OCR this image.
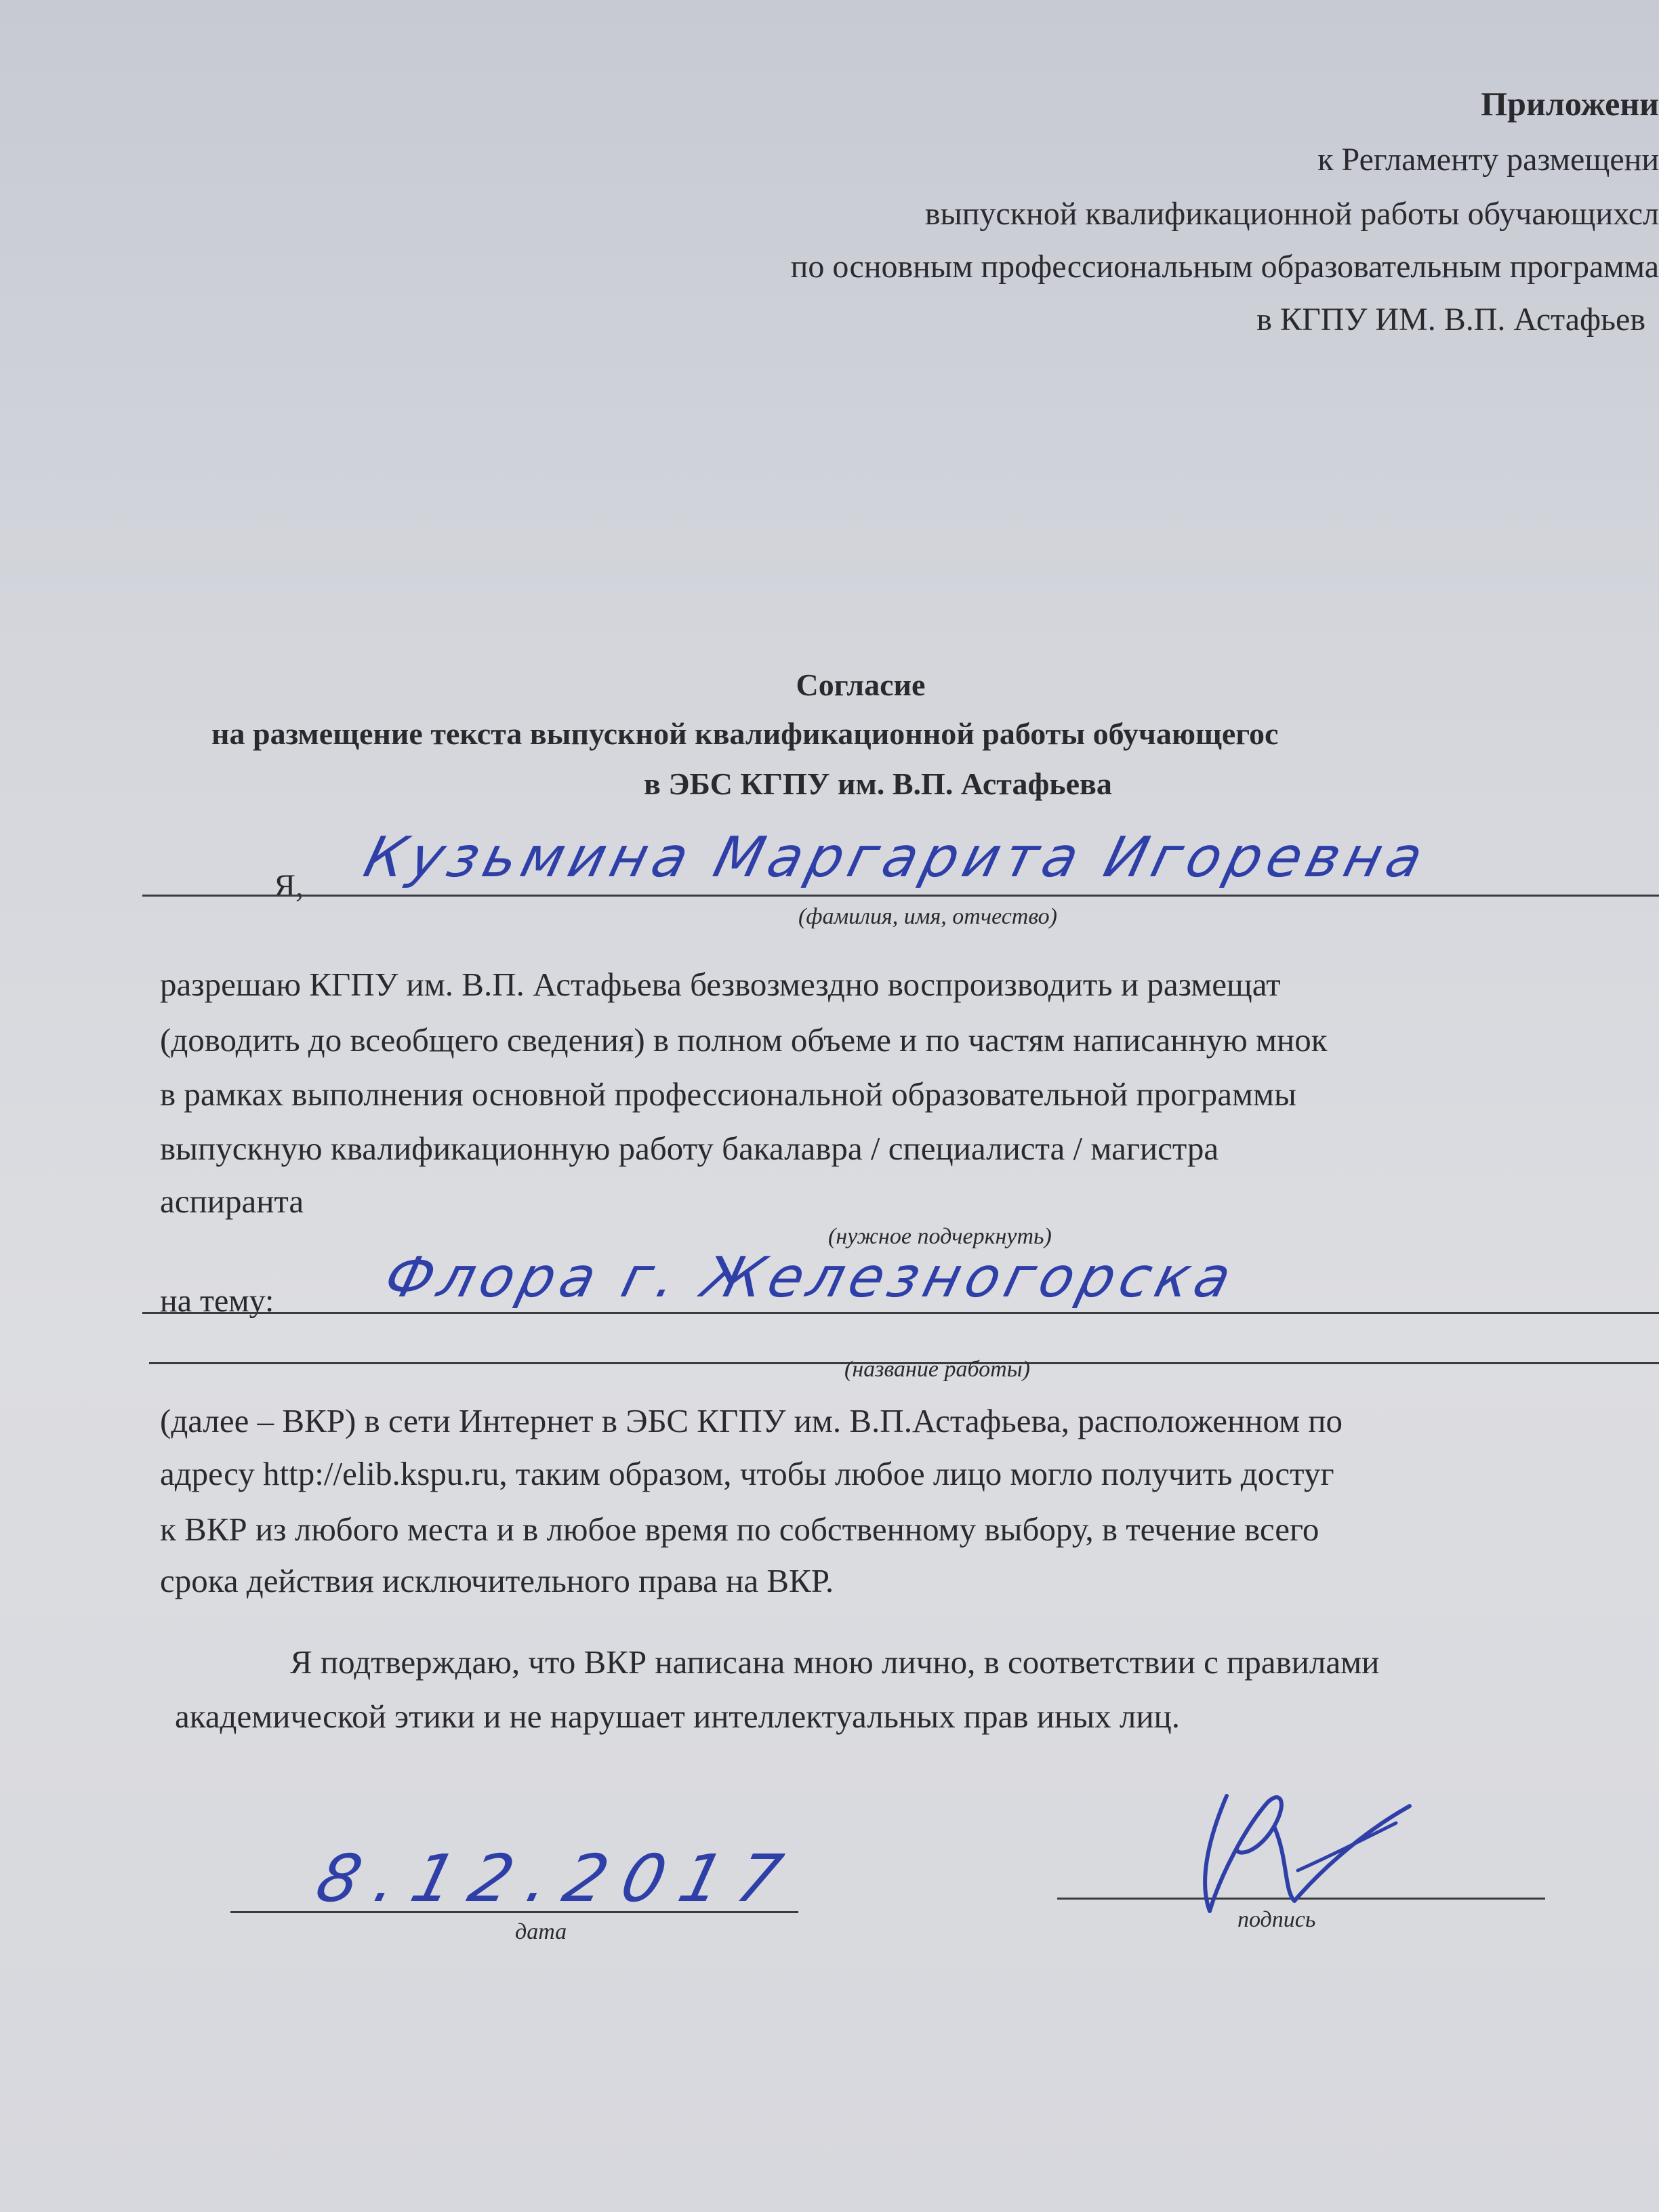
Приложени
к Регламенту размещени
выпускной квалификационной работы обучающихсл
по основным профессиональным образовательным программа
в КГПУ ИМ. В.П. Астафьев
Согласие
на размещение текста выпускной квалификационной работы обучающегос
в ЭБС КГПУ им. В.П. Астафьева
Я, Кузьмина Маргарита Игоревна
(фамилия, имя, отчество)
разрешаю КГПУ им. В.П. Астафьева безвозмездно воспроизводить и размещат
(доводить до всеобщего сведения) в полном объеме и по частям написанную мнок
в рамках выполнения основной профессиональной образовательной программы
выпускную квалификационную работу бакалавра / специалиста / магистра
аспиранта
(нужное подчеркнуть)
на тему: Флора г. Железногорска
(название работы)
(далее – ВКР) в сети Интернет в ЭБС КГПУ им. В.П.Астафьева, расположенном по
адресу http://elib.kspu.ru, таким образом, чтобы любое лицо могло получить достуг
к ВКР из любого места и в любое время по собственному выбору, в течение всего
срока действия исключительного права на ВКР.
Я подтверждаю, что ВКР написана мною лично, в соответствии с правилами
академической этики и не нарушает интеллектуальных прав иных лиц.
8.12.2017
дата	подпись
